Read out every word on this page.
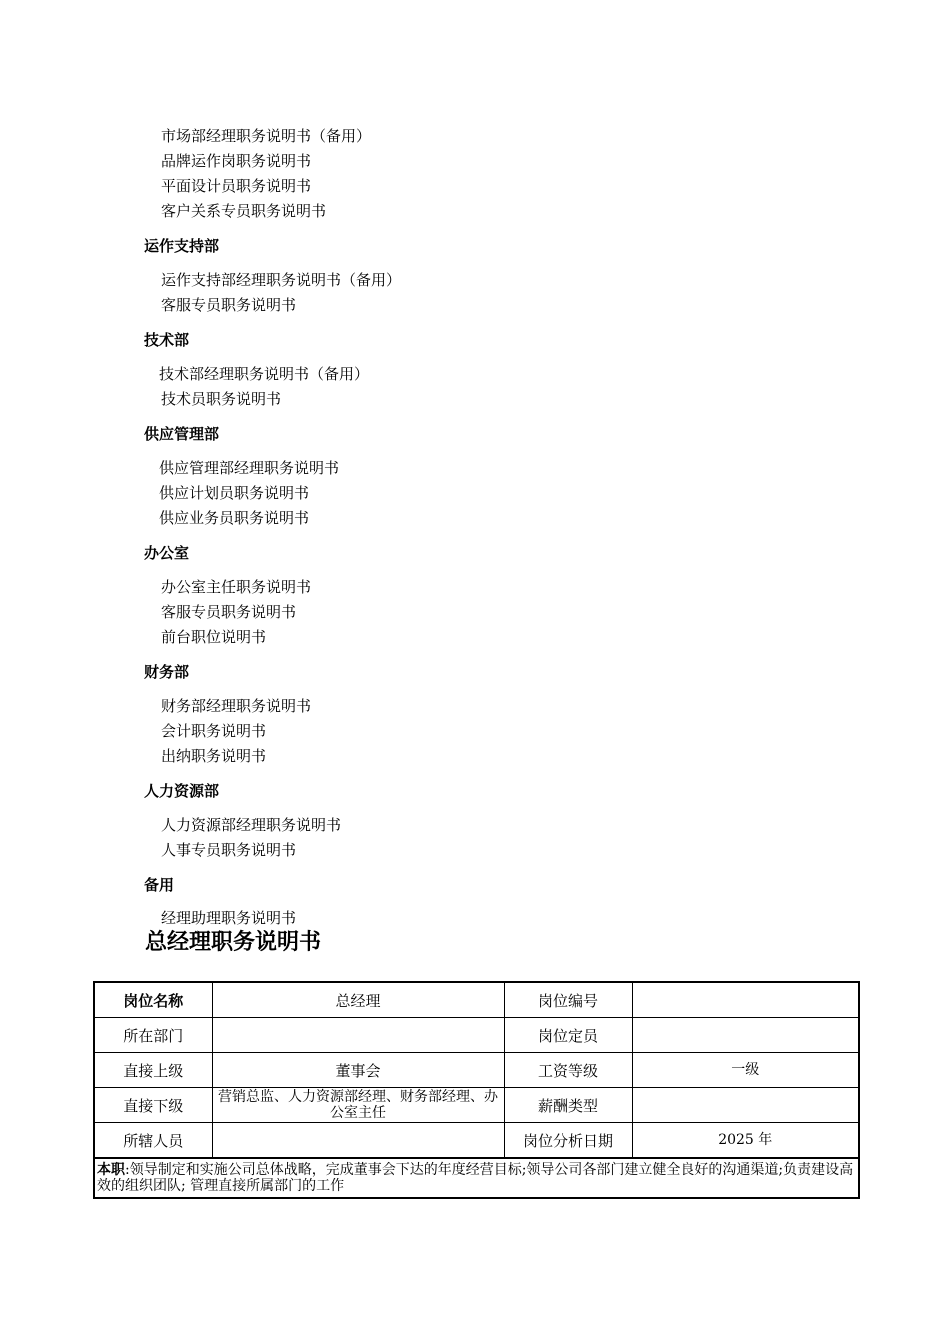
市场部经理职务说明书（备用）
品牌运作岗职务说明书
平面设计员职务说明书
客户关系专员职务说明书
运作支持部
运作支持部经理职务说明书（备用）
客服专员职务说明书
技术部
技术部经理职务说明书（备用）
技术员职务说明书
供应管理部
供应管理部经理职务说明书
供应计划员职务说明书
供应业务员职务说明书
办公室
办公室主任职务说明书
客服专员职务说明书
前台职位说明书
财务部
财务部经理职务说明书
会计职务说明书
出纳职务说明书
人力资源部
人力资源部经理职务说明书
人事专员职务说明书
备用
经理助理职务说明书
总经理职务说明书
岗位名称	总经理	岗位编号	
所在部门		岗位定员	
直接上级	董事会	工资等级	一级
直接下级	营销总监、人力资源部经理、财务部经理、办公室主任	薪酬类型	
所辖人员		岗位分析日期	2025 年
本职:领导制定和实施公司总体战略，完成董事会下达的年度经营目标;领导公司各部门建立健全良好的沟通渠道;负责建设高效的组织团队; 管理直接所属部门的工作			
